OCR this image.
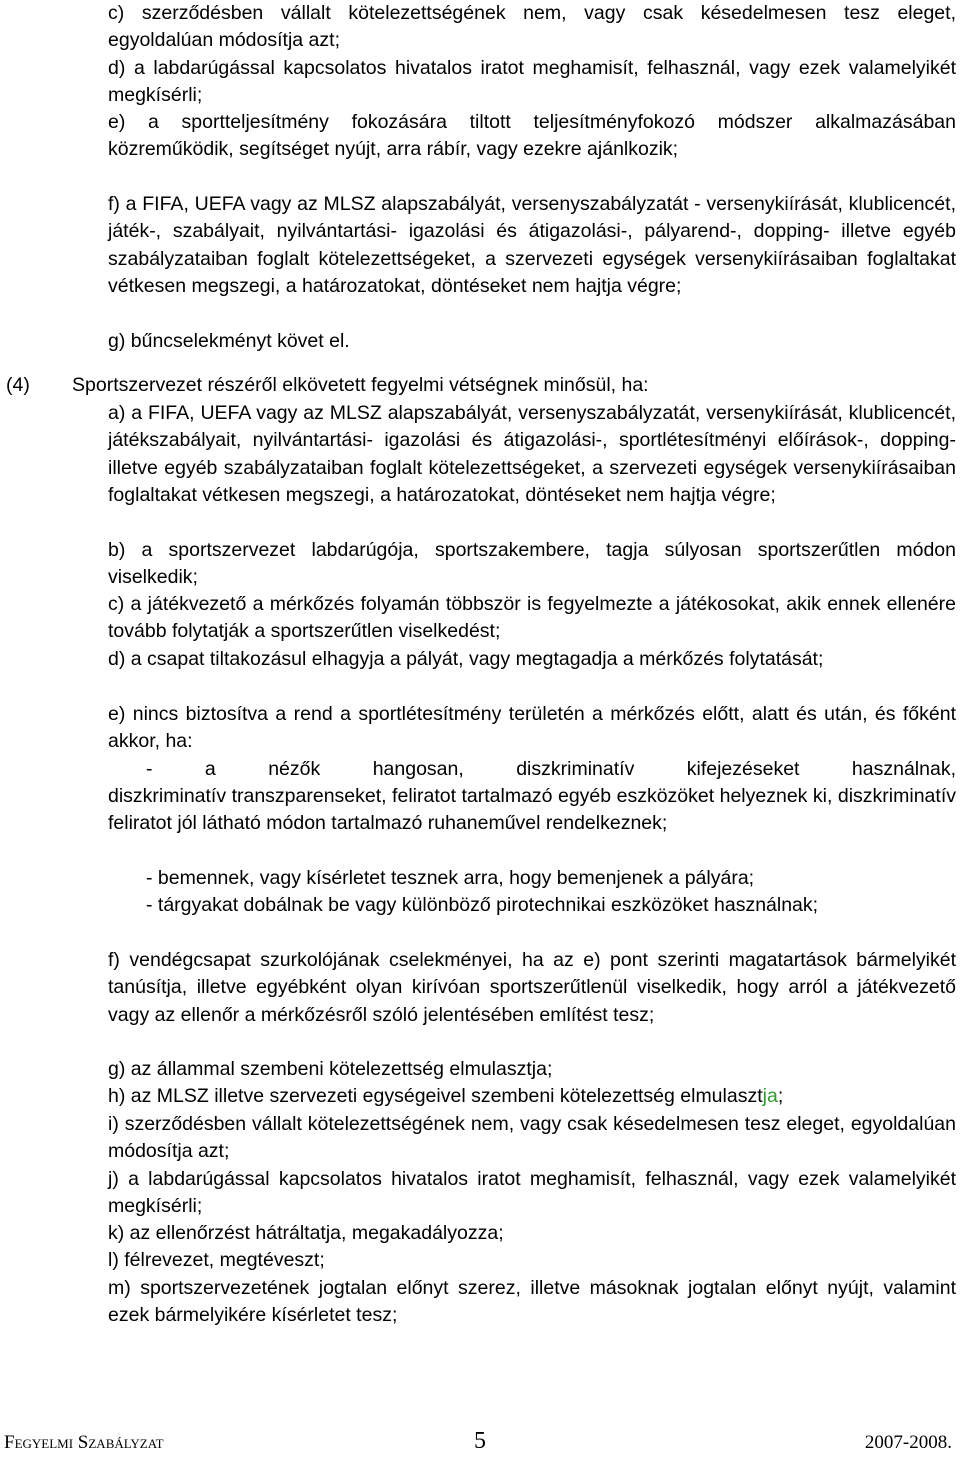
c) szerződésben vállalt kötelezettségének nem, vagy csak késedelmesen tesz eleget, egyoldalúan módosítja azt;

d) a labdarúgással kapcsolatos hivatalos iratot meghamisít, felhasznál, vagy ezek valamelyikét megkísérli;

e) a sportteljesítmény fokozására tiltott teljesítményfokozó módszer alkalmazásában közreműködik, segítséget nyújt, arra rábír, vagy ezekre ajánlkozik;

f) a FIFA, UEFA vagy az MLSZ alapszabályát, versenyszabályzatát - versenykiírását, klublicencét, játék-, szabályait, nyilvántartási- igazolási és átigazolási-, pályarend-, dopping- illetve egyéb szabályzataiban foglalt kötelezettségeket, a szervezeti egységek versenykiírásaiban foglaltakat vétkesen megszegi, a határozatokat, döntéseket nem hajtja végre;

g) bűncselekményt követ el.

(4) Sportszervezet részéről elkövetett fegyelmi vétségnek minősül, ha:

a) a FIFA, UEFA vagy az MLSZ alapszabályát, versenyszabályzatát, versenykiírását, klublicencét, játékszabályait, nyilvántartási- igazolási és átigazolási-, sportlétesítményi előírások-, dopping- illetve egyéb szabályzataiban foglalt kötelezettségeket, a szervezeti egységek versenykiírásaiban foglaltakat vétkesen megszegi, a határozatokat, döntéseket nem hajtja végre;

b) a sportszervezet labdarúgója, sportszakembere, tagja súlyosan sportszerűtlen módon viselkedik;

c) a játékvezető a mérkőzés folyamán többször is fegyelmezte a játékosokat, akik ennek ellenére tovább folytatják a sportszerűtlen viselkedést;

d) a csapat tiltakozásul elhagyja a pályát, vagy megtagadja a mérkőzés folytatását;

e) nincs biztosítva a rend a sportlétesítmény területén a mérkőzés előtt, alatt és után, és főként akkor, ha:

- a nézők hangosan, diszkriminatív kifejezéseket használnak,

diszkriminatív transzparenseket, feliratot tartalmazó egyéb eszközöket helyeznek ki, diszkriminatív feliratot jól látható módon tartalmazó ruhaneművel rendelkeznek;

- bemennek, vagy kísérletet tesznek arra, hogy bemenjenek a pályára;

- tárgyakat dobálnak be vagy különböző pirotechnikai eszközöket használnak;

f) vendégcsapat szurkolójának cselekményei, ha az e) pont szerinti magatartások bármelyikét tanúsítja, illetve egyébként olyan kirívóan sportszerűtlenül viselkedik, hogy arról a játékvezető vagy az ellenőr a mérkőzésről szóló jelentésében említést tesz;

g) az állammal szembeni kötelezettség elmulasztja;

h) az MLSZ illetve szervezeti egységeivel szembeni kötelezettség elmulasztja;

i) szerződésben vállalt kötelezettségének nem, vagy csak késedelmesen tesz eleget, egyoldalúan módosítja azt;

j) a labdarúgással kapcsolatos hivatalos iratot meghamisít, felhasznál, vagy ezek valamelyikét megkísérli;

k) az ellenőrzést hátráltatja, megakadályozza;

l) félrevezet, megtéveszt;

m) sportszervezetének jogtalan előnyt szerez, illetve másoknak jogtalan előnyt nyújt, valamint ezek bármelyikére kísérletet tesz;

Fegyelmi Szabályzat	5	2007-2008.
